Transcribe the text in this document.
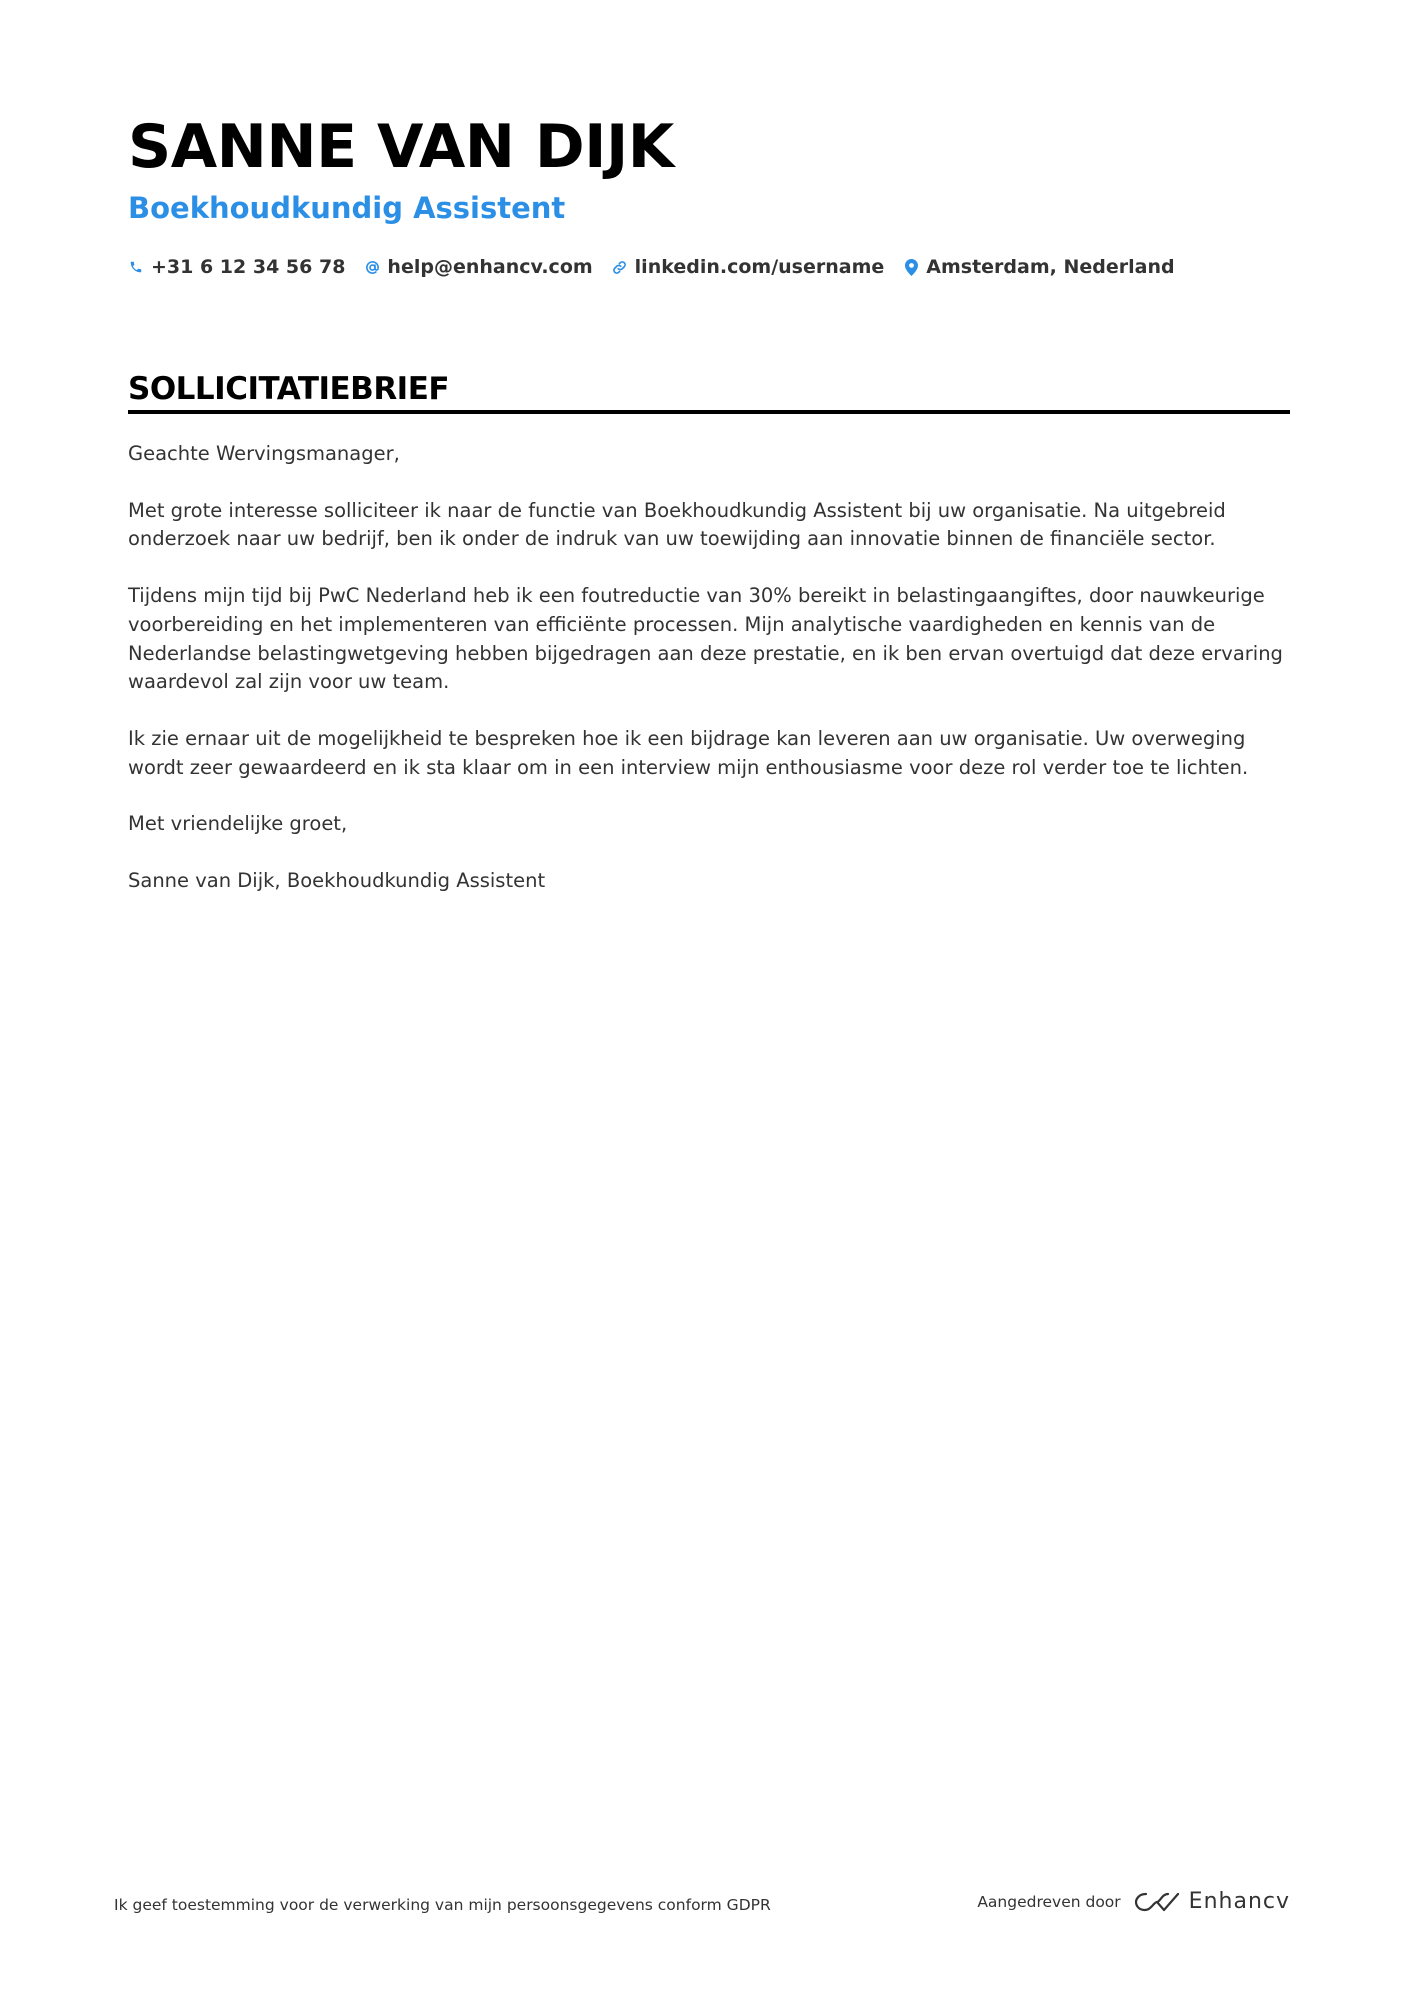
SANNE VAN DIJK
Boekhoudkundig Assistent
+31 6 12 34 56 78 help@enhancv.com linkedin.com/username Amsterdam, Nederland
SOLLICITATIEBRIEF

Geachte Wervingsmanager,

Met grote interesse solliciteer ik naar de functie van Boekhoudkundig Assistent bij uw organisatie. Na uitgebreid onderzoek naar uw bedrijf, ben ik onder de indruk van uw toewijding aan innovatie binnen de financiële sector.

Tijdens mijn tijd bij PwC Nederland heb ik een foutreductie van 30% bereikt in belastingaangiftes, door nauwkeurige voorbereiding en het implementeren van efficiënte processen. Mijn analytische vaardigheden en kennis van de Nederlandse belastingwetgeving hebben bijgedragen aan deze prestatie, en ik ben ervan overtuigd dat deze ervaring waardevol zal zijn voor uw team.

Ik zie ernaar uit de mogelijkheid te bespreken hoe ik een bijdrage kan leveren aan uw organisatie. Uw overweging wordt zeer gewaardeerd en ik sta klaar om in een interview mijn enthousiasme voor deze rol verder toe te lichten.

Met vriendelijke groet,

Sanne van Dijk, Boekhoudkundig Assistent

Ik geef toestemming voor de verwerking van mijn persoonsgegevens conform GDPR	Aangedreven door	Enhancv
